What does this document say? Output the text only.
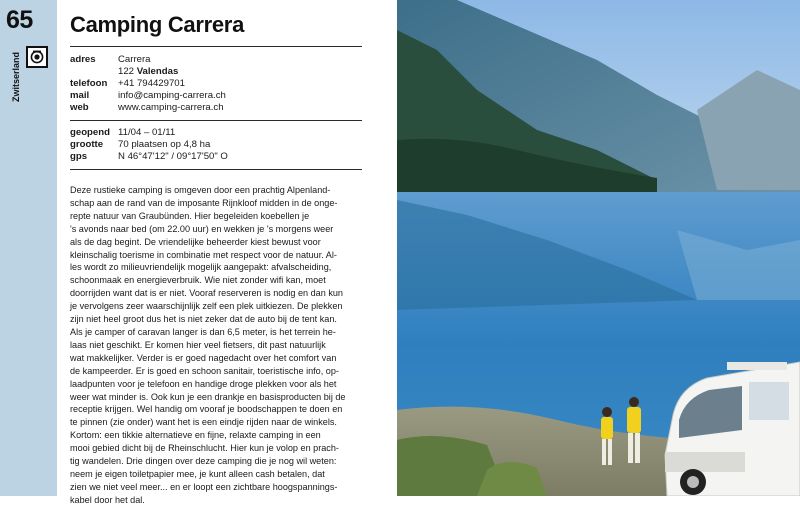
65
Zwitserland
Camping Carrera
adres Carrera
122 Valendas
telefoon +41 794429701
mail	info@camping-carrera.ch
web	www.camping-carrera.ch
geopend 11/04 – 01/11
grootte 70 plaatsen op 4,8 ha
gps	N 46°47'12" / 09°17'50" O
Deze rustieke camping is omgeven door een prachtig Alpenland-
schap aan de rand van de imposante Rijnkloof midden in de onge-
repte natuur van Graubünden. Hier begeleiden koebellen je
's avonds naar bed (om 22.00 uur) en wekken je 's morgens weer
als de dag begint. De vriendelijke beheerder kiest bewust voor
kleinschalig toerisme in combinatie met respect voor de natuur. Al-
les wordt zo milieuvriendelijk mogelijk aangepakt: afvalscheiding,
schoonmaak en energieverbruik. Wie niet zonder wifi kan, moet
doorrijden want dat is er niet. Vooraf reserveren is nodig en dan kun
je vervolgens zeer waarschijnlijk zelf een plek uitkiezen. De plekken
zijn niet heel groot dus het is niet zeker dat de auto bij de tent kan.
Als je camper of caravan langer is dan 6,5 meter, is het terrein he-
laas niet geschikt. Er komen hier veel fietsers, dit past natuurlijk
wat makkelijker. Verder is er goed nagedacht over het comfort van
de kampeerder. Er is goed en schoon sanitair, toeristische info, op-
laadpunten voor je telefoon en handige droge plekken voor als het
weer wat minder is. Ook kun je een drankje en basisproducten bij de
receptie krijgen. Wel handig om vooraf je boodschappen te doen en
te pinnen (zie onder) want het is een eindje rijden naar de winkels.
Kortom: een tikkie alternatieve en fijne, relaxte camping in een
mooi gebied dicht bij de Rheinschlucht. Hier kun je volop en prach-
tig wandelen. Drie dingen over deze camping die je nog wil weten:
neem je eigen toiletpapier mee, je kunt alleen cash betalen, dat
zien we niet veel meer... en er loopt een zichtbare hoogspannings-
kabel door het dal.
